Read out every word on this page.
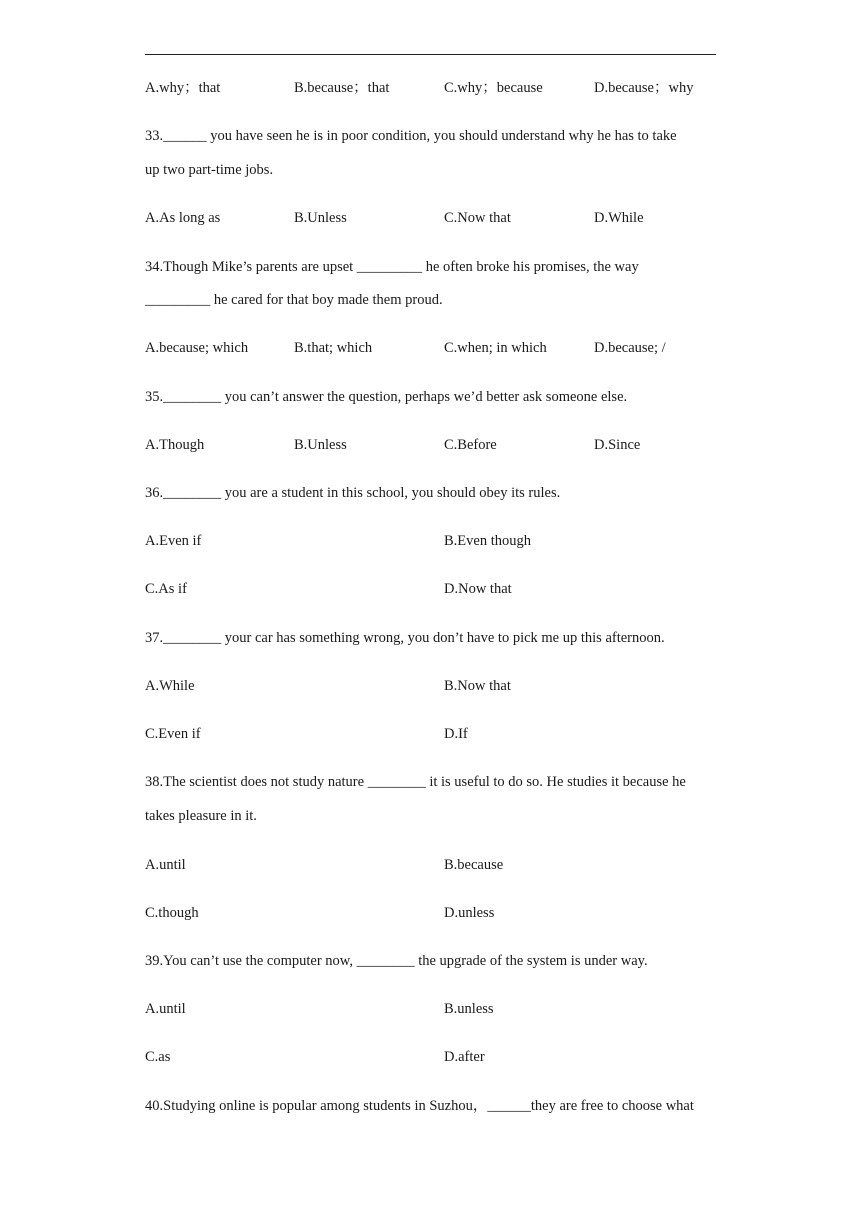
A.why；that	B.because；that	C.why；because	D.because；why
33.______ you have seen he is in poor condition, you should understand why he has to take
up two part-time jobs.
A.As long as	B.Unless	C.Now that	D.While
34.Though Mike’s parents are upset _________ he often broke his promises, the way
_________ he cared for that boy made them proud.
A.because; which	B.that; which	C.when; in which	D.because; /
35.________ you can’t answer the question, perhaps we’d better ask someone else.
A.Though	B.Unless	C.Before	D.Since
36.________ you are a student in this school, you should obey its rules.
A.Even if	B.Even though
C.As if	D.Now that
37.________ your car has something wrong, you don’t have to pick me up this afternoon.
A.While	B.Now that
C.Even if	D.If
38.The scientist does not study nature ________ it is useful to do so. He studies it because he
takes pleasure in it.
A.until	B.because
C.though	D.unless
39.You can’t use the computer now, ________ the upgrade of the system is under way.
A.until	B.unless
C.as	D.after
40.Studying online is popular among students in Suzhou，______they are free to choose what
